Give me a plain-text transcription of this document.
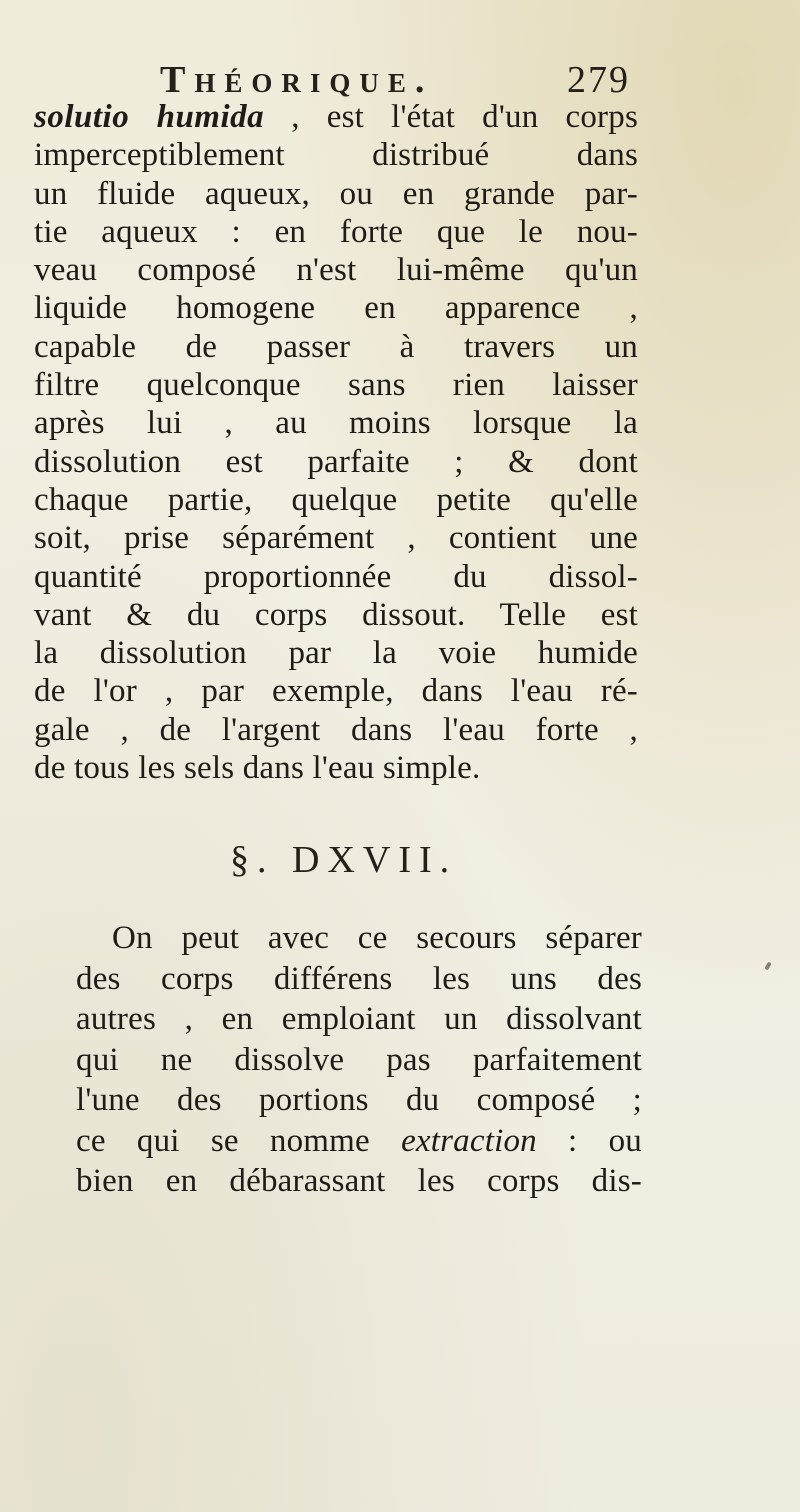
Théorique.	279
solutio humida , est l'état d'un corps
imperceptiblement distribué dans
un fluide aqueux, ou en grande par-
tie aqueux : en forte que le nou-
veau composé n'est lui-même qu'un
liquide homogene en apparence ,
capable de passer à travers un
filtre quelconque sans rien laisser
après lui , au moins lorsque la
dissolution est parfaite ; & dont
chaque partie, quelque petite qu'elle
soit, prise séparément , contient une
quantité proportionnée du dissol-
vant & du corps dissout. Telle est
la dissolution par la voie humide
de l'or , par exemple, dans l'eau ré-
gale , de l'argent dans l'eau forte ,
de tous les sels dans l'eau simple.
§. DXVII.
On peut avec ce secours séparer
des corps différens les uns des
autres , en emploiant un dissolvant
qui ne dissolve pas parfaitement
l'une des portions du composé ;
ce qui se nomme extraction : ou
bien en débarassant les corps dis-
